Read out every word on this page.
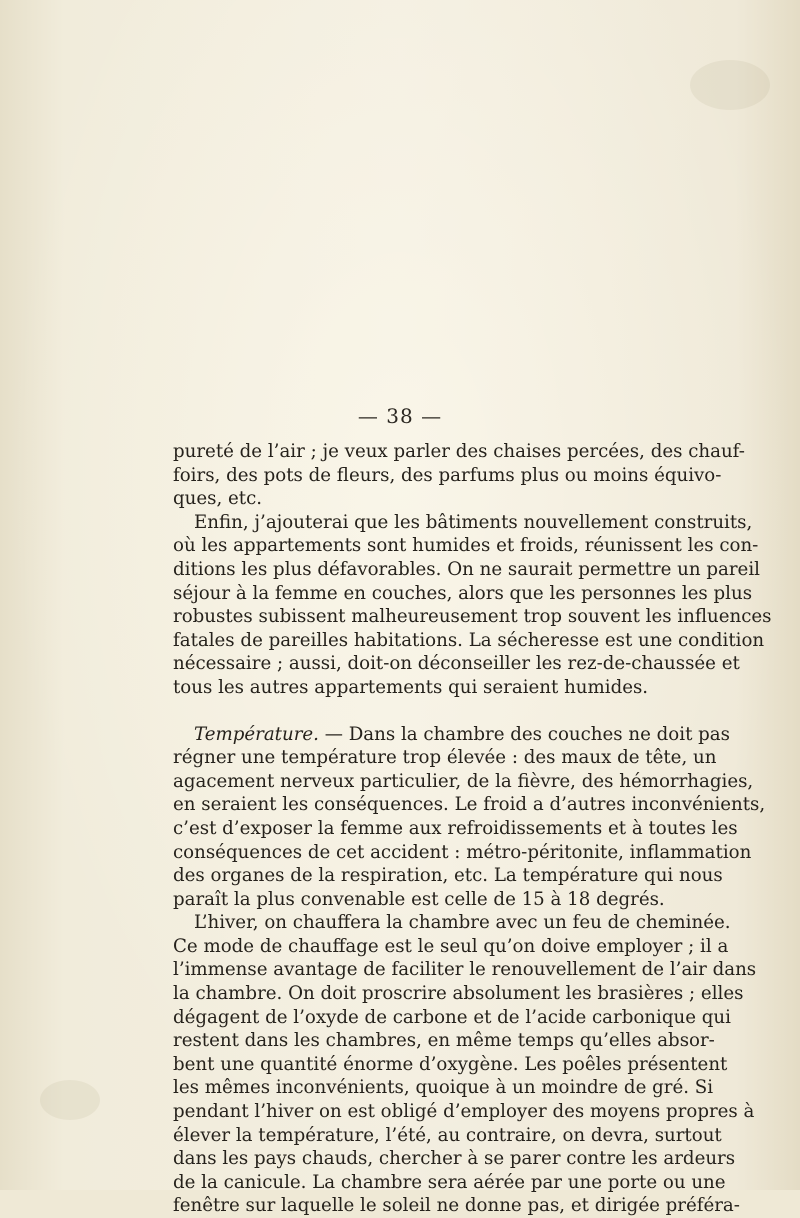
— 38 —
pureté de l’air ; je veux parler des chaises percées, des chauf-
foirs, des pots de fleurs, des parfums plus ou moins équivo-
ques, etc.
Enfin, j’ajouterai que les bâtiments nouvellement construits,
où les appartements sont humides et froids, réunissent les con-
ditions les plus défavorables. On ne saurait permettre un pareil
séjour à la femme en couches, alors que les personnes les plus
robustes subissent malheureusement trop souvent les influences
fatales de pareilles habitations. La sécheresse est une condition
nécessaire ; aussi, doit-on déconseiller les rez-de-chaussée et
tous les autres appartements qui seraient humides.
Température. — Dans la chambre des couches ne doit pas
régner une température trop élevée : des maux de tête, un
agacement nerveux particulier, de la fièvre, des hémorrhagies,
en seraient les conséquences. Le froid a d’autres inconvénients,
c’est d’exposer la femme aux refroidissements et à toutes les
conséquences de cet accident : métro-péritonite, inflammation
des organes de la respiration, etc. La température qui nous
paraît la plus convenable est celle de 15 à 18 degrés.
L’hiver, on chauffera la chambre avec un feu de cheminée.
Ce mode de chauffage est le seul qu’on doive employer ; il a
l’immense avantage de faciliter le renouvellement de l’air dans
la chambre. On doit proscrire absolument les brasières ; elles
dégagent de l’oxyde de carbone et de l’acide carbonique qui
restent dans les chambres, en même temps qu’elles absor-
bent une quantité énorme d’oxygène. Les poêles présentent
les mêmes inconvénients, quoique à un moindre de gré. Si
pendant l’hiver on est obligé d’employer des moyens propres à
élever la température, l’été, au contraire, on devra, surtout
dans les pays chauds, chercher à se parer contre les ardeurs
de la canicule. La chambre sera aérée par une porte ou une
fenêtre sur laquelle le soleil ne donne pas, et dirigée préféra-
